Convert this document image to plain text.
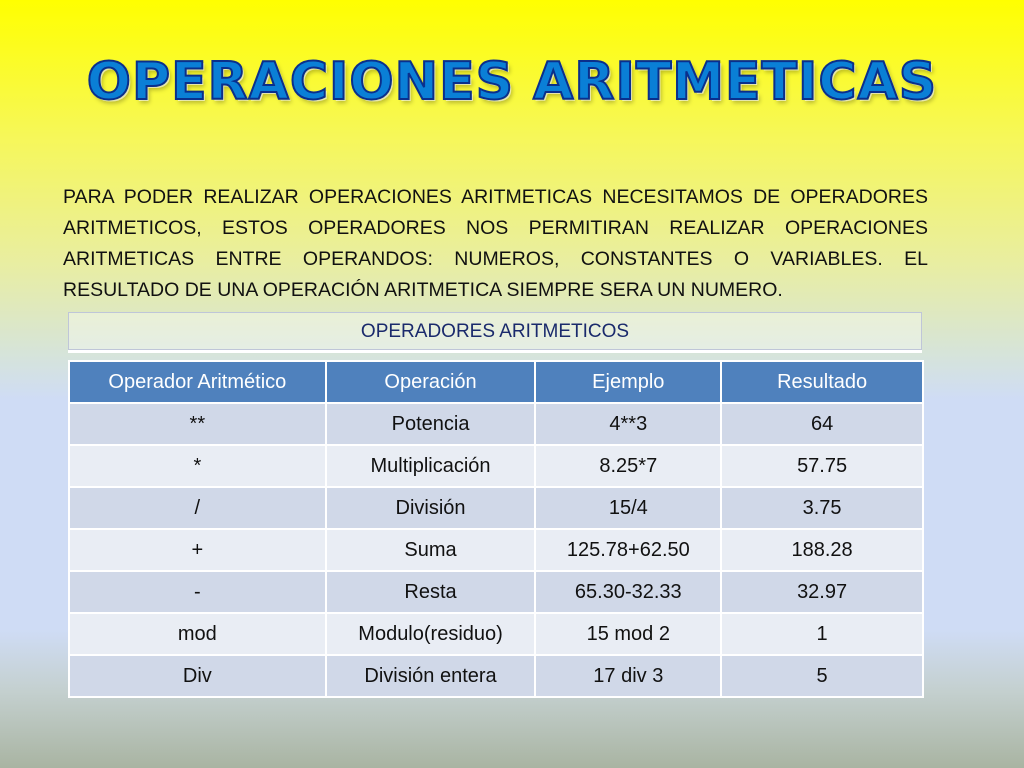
OPERACIONES ARITMETICAS

PARA PODER REALIZAR OPERACIONES ARITMETICAS NECESITAMOS DE OPERADORES ARITMETICOS, ESTOS OPERADORES NOS PERMITIRAN REALIZAR OPERACIONES ARITMETICAS ENTRE OPERANDOS: NUMEROS, CONSTANTES O VARIABLES. EL RESULTADO DE UNA OPERACIÓN ARITMETICA SIEMPRE SERA UN NUMERO.

OPERADORES ARITMETICOS
Operador Aritmético	Operación	Ejemplo	Resultado
**	Potencia	4**3	64
*	Multiplicación	8.25*7	57.75
/	División	15/4	3.75
+	Suma	125.78+62.50	188.28
-	Resta	65.30-32.33	32.97
mod	Modulo(residuo)	15 mod 2	1
Div	División entera	17 div 3	5
